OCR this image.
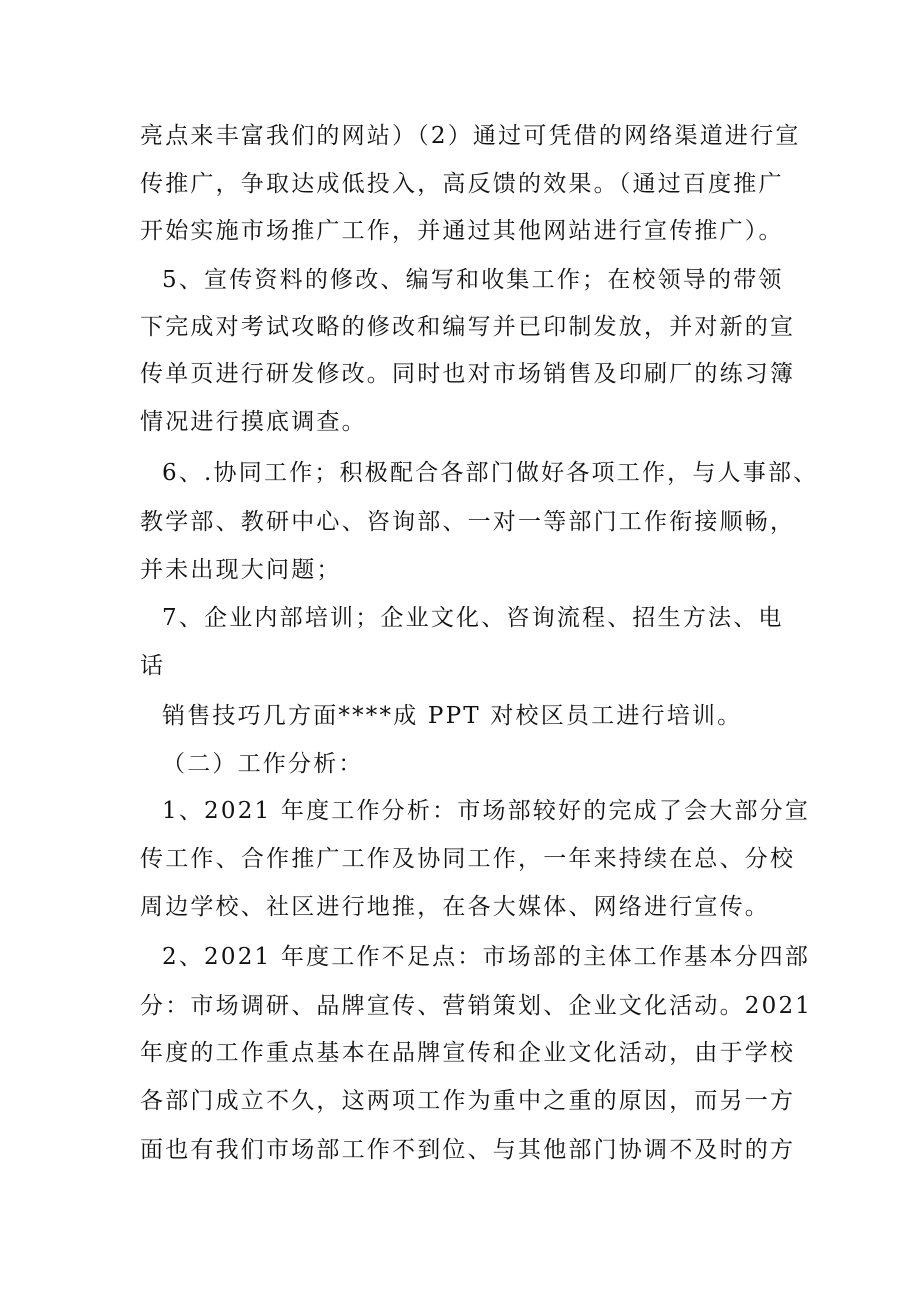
亮点来丰富我们的网站）（2）通过可凭借的网络渠道进行宣
传推广，争取达成低投入，高反馈的效果。（通过百度推广
开始实施市场推广工作，并通过其他网站进行宣传推广）。
5、宣传资料的修改、编写和收集工作；在校领导的带领
下完成对考试攻略的修改和编写并已印制发放，并对新的宣
传单页进行研发修改。同时也对市场销售及印刷厂的练习簿
情况进行摸底调查。
6、.协同工作；积极配合各部门做好各项工作，与人事部、
教学部、教研中心、咨询部、一对一等部门工作衔接顺畅，
并未出现大问题；
7、企业内部培训；企业文化、咨询流程、招生方法、电
话
销售技巧几方面****成 PPT 对校区员工进行培训。
（二）工作分析：
1、2021 年度工作分析：市场部较好的完成了会大部分宣
传工作、合作推广工作及协同工作，一年来持续在总、分校
周边学校、社区进行地推，在各大媒体、网络进行宣传。
2、2021 年度工作不足点：市场部的主体工作基本分四部
分：市场调研、品牌宣传、营销策划、企业文化活动。2021
年度的工作重点基本在品牌宣传和企业文化活动，由于学校
各部门成立不久，这两项工作为重中之重的原因，而另一方
面也有我们市场部工作不到位、与其他部门协调不及时的方
